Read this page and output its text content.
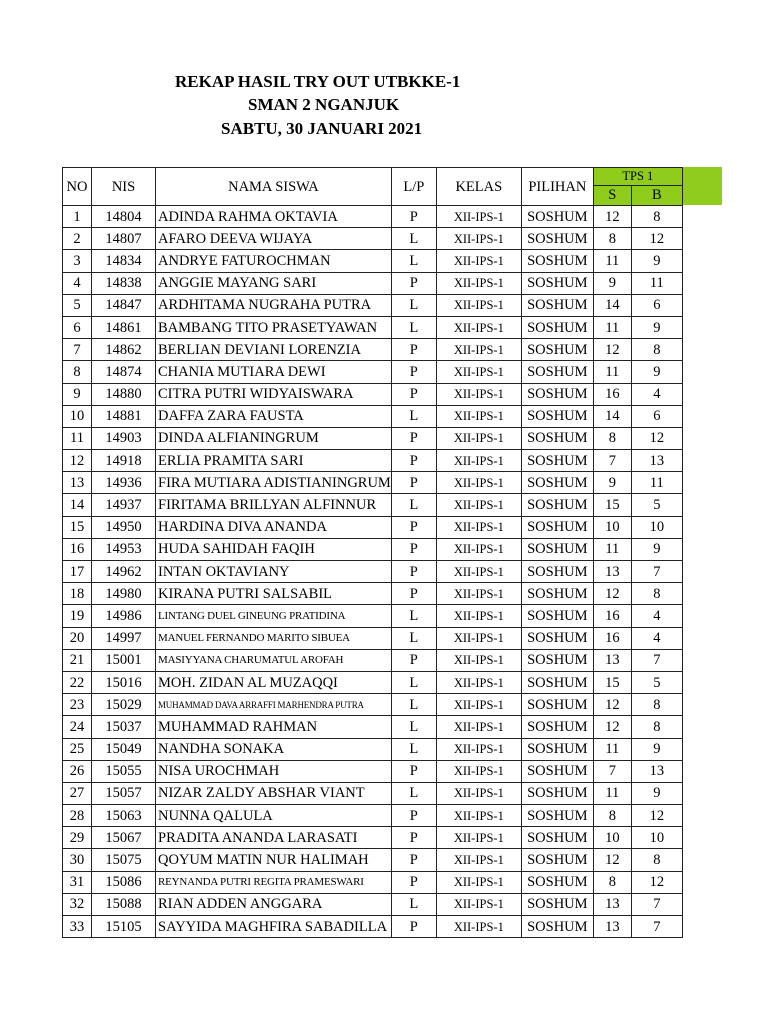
REKAP HASIL TRY OUT UTBKKE-1
SMAN 2 NGANJUK
SABTU, 30 JANUARI 2021
NO	NIS	NAMA SISWA	L/P	KELAS	PILIHAN	TPS 1	
						S	B
1	14804	ADINDA RAHMA OKTAVIA	P	XII-IPS-1	SOSHUM	12	8
2	14807	AFARO DEEVA WIJAYA	L	XII-IPS-1	SOSHUM	8	12
3	14834	ANDRYE FATUROCHMAN	L	XII-IPS-1	SOSHUM	11	9
4	14838	ANGGIE MAYANG SARI	P	XII-IPS-1	SOSHUM	9	11
5	14847	ARDHITAMA NUGRAHA PUTRA	L	XII-IPS-1	SOSHUM	14	6
6	14861	BAMBANG TITO PRASETYAWAN	L	XII-IPS-1	SOSHUM	11	9
7	14862	BERLIAN DEVIANI LORENZIA	P	XII-IPS-1	SOSHUM	12	8
8	14874	CHANIA MUTIARA DEWI	P	XII-IPS-1	SOSHUM	11	9
9	14880	CITRA PUTRI WIDYAISWARA	P	XII-IPS-1	SOSHUM	16	4
10	14881	DAFFA ZARA FAUSTA	L	XII-IPS-1	SOSHUM	14	6
11	14903	DINDA ALFIANINGRUM	P	XII-IPS-1	SOSHUM	8	12
12	14918	ERLIA PRAMITA SARI	P	XII-IPS-1	SOSHUM	7	13
13	14936	FIRA MUTIARA ADISTIANINGRUM	P	XII-IPS-1	SOSHUM	9	11
14	14937	FIRITAMA BRILLYAN ALFINNUR	L	XII-IPS-1	SOSHUM	15	5
15	14950	HARDINA DIVA ANANDA	P	XII-IPS-1	SOSHUM	10	10
16	14953	HUDA SAHIDAH FAQIH	P	XII-IPS-1	SOSHUM	11	9
17	14962	INTAN OKTAVIANY	P	XII-IPS-1	SOSHUM	13	7
18	14980	KIRANA PUTRI SALSABIL	P	XII-IPS-1	SOSHUM	12	8
19	14986	LINTANG DUEL GINEUNG PRATIDINA	L	XII-IPS-1	SOSHUM	16	4
20	14997	MANUEL FERNANDO MARITO SIBUEA	L	XII-IPS-1	SOSHUM	16	4
21	15001	MASIYYANA CHARUMATUL AROFAH	P	XII-IPS-1	SOSHUM	13	7
22	15016	MOH. ZIDAN AL MUZAQQI	L	XII-IPS-1	SOSHUM	15	5
23	15029	MUHAMMAD DAVA ARRAFFI MARHENDRA PUTRA	L	XII-IPS-1	SOSHUM	12	8
24	15037	MUHAMMAD RAHMAN	L	XII-IPS-1	SOSHUM	12	8
25	15049	NANDHA SONAKA	L	XII-IPS-1	SOSHUM	11	9
26	15055	NISA UROCHMAH	P	XII-IPS-1	SOSHUM	7	13
27	15057	NIZAR ZALDY ABSHAR VIANT	L	XII-IPS-1	SOSHUM	11	9
28	15063	NUNNA QALULA	P	XII-IPS-1	SOSHUM	8	12
29	15067	PRADITA ANANDA LARASATI	P	XII-IPS-1	SOSHUM	10	10
30	15075	QOYUM MATIN NUR HALIMAH	P	XII-IPS-1	SOSHUM	12	8
31	15086	REYNANDA PUTRI REGITA PRAMESWARI	P	XII-IPS-1	SOSHUM	8	12
32	15088	RIAN ADDEN ANGGARA	L	XII-IPS-1	SOSHUM	13	7
33	15105	SAYYIDA MAGHFIRA SABADILLA	P	XII-IPS-1	SOSHUM	13	7
